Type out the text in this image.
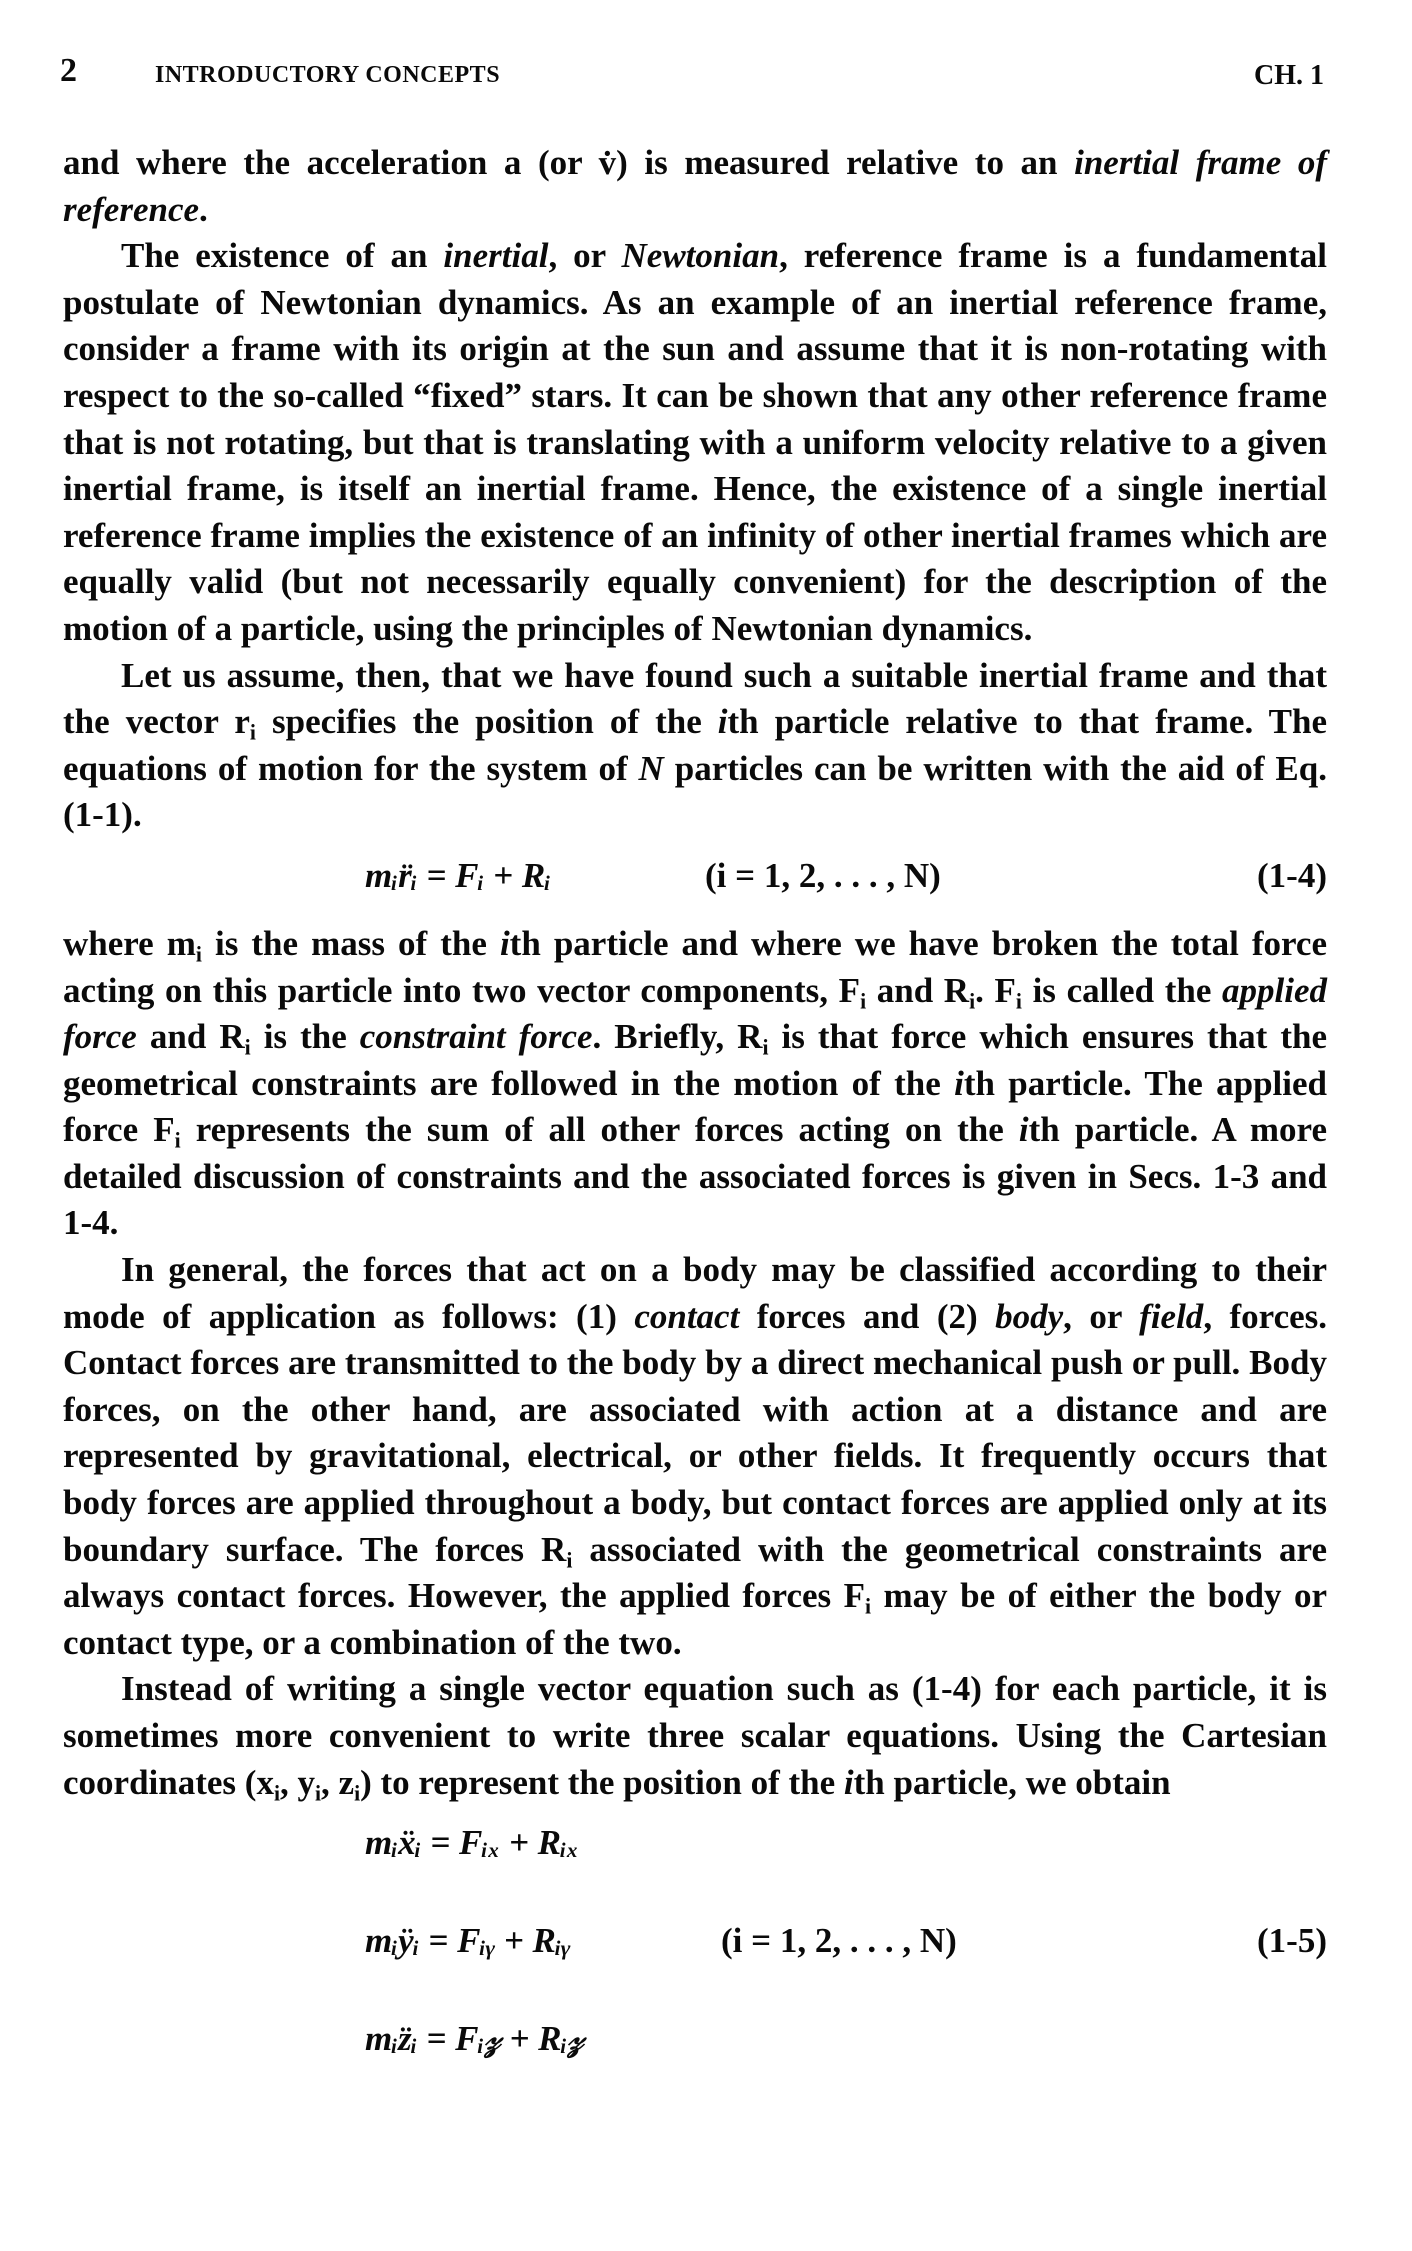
2	INTRODUCTORY CONCEPTS	CH. 1

and where the acceleration a (or v̇) is measured relative to an inertial frame of reference.

The existence of an inertial, or Newtonian, reference frame is a fundamental postulate of Newtonian dynamics. As an example of an inertial reference frame, consider a frame with its origin at the sun and assume that it is non-rotating with respect to the so-called “fixed” stars. It can be shown that any other reference frame that is not rotating, but that is translating with a uniform velocity relative to a given inertial frame, is itself an inertial frame. Hence, the existence of a single inertial reference frame implies the existence of an infinity of other inertial frames which are equally valid (but not necessarily equally convenient) for the description of the motion of a particle, using the principles of Newtonian dynamics.

Let us assume, then, that we have found such a suitable inertial frame and that the vector $r_i$ specifies the position of the ith particle relative to that frame. The equations of motion for the system of N particles can be written with the aid of Eq. (1-1).

mᵢr̈ᵢ = Fᵢ + Rᵢ	(i = 1, 2, . . . , N)	(1-4)

where $m_i$ is the mass of the ith particle and where we have broken the total force acting on this particle into two vector components, $F_i$ and $R_i$. $F_i$ is called the applied force and $R_i$ is the constraint force. Briefly, $R_i$ is that force which ensures that the geometrical constraints are followed in the motion of the ith particle. The applied force $F_i$ represents the sum of all other forces acting on the ith particle. A more detailed discussion of constraints and the associated forces is given in Secs. 1-3 and 1-4.

In general, the forces that act on a body may be classified according to their mode of application as follows: (1) contact forces and (2) body, or field, forces. Contact forces are transmitted to the body by a direct mechanical push or pull. Body forces, on the other hand, are associated with action at a distance and are represented by gravitational, electrical, or other fields. It frequently occurs that body forces are applied throughout a body, but contact forces are applied only at its boundary surface. The forces $R_i$ associated with the geometrical constraints are always contact forces. However, the applied forces $F_i$ may be of either the body or contact type, or a combination of the two.

Instead of writing a single vector equation such as (1-4) for each particle, it is sometimes more convenient to write three scalar equations. Using the Cartesian coordinates ($x_i$, $y_i$, $z_i$) to represent the position of the ith particle, we obtain

mᵢẍᵢ = Fᵢₓ + Rᵢₓ
mᵢÿᵢ = Fᵢᵧ + Rᵢᵧ
mᵢz̈ᵢ = Fᵢ𝓏 + Rᵢ𝓏
(i = 1, 2, . . . , N)	(1-5)
